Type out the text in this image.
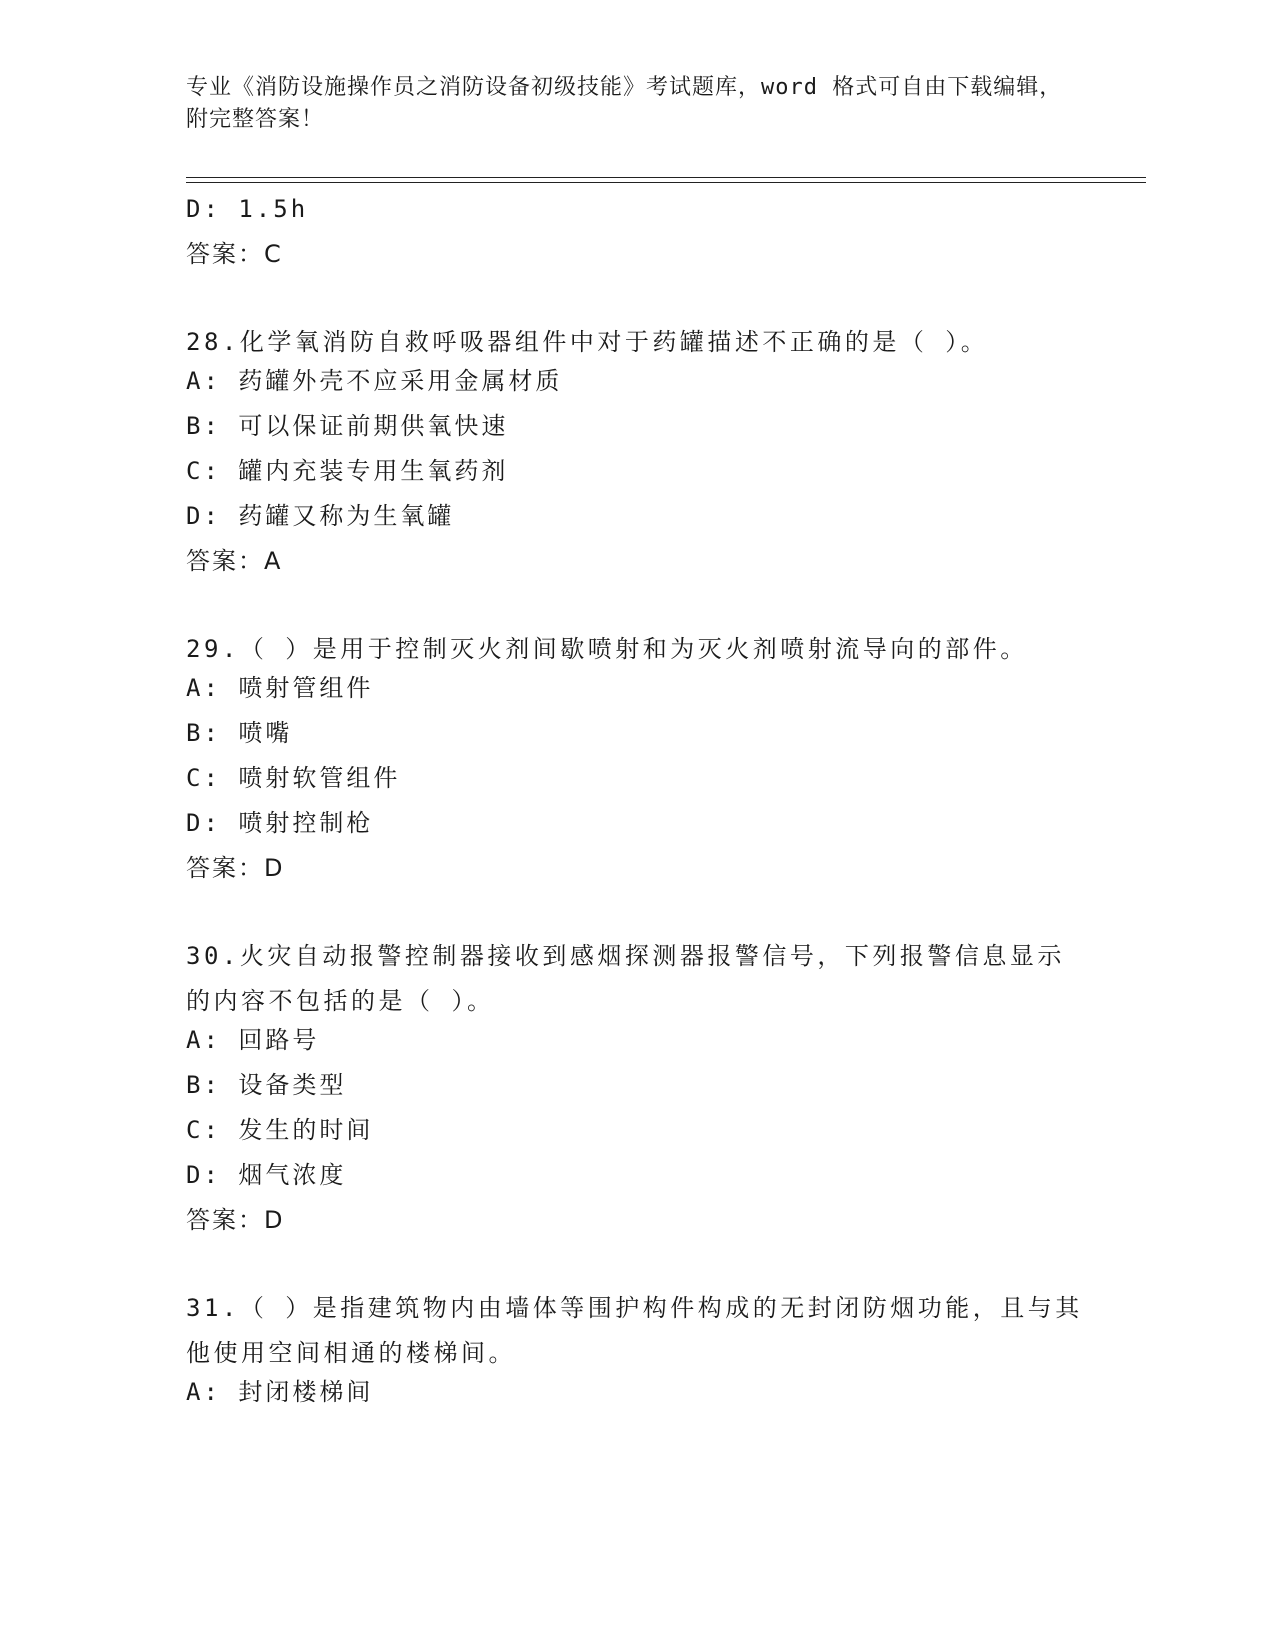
专业《消防设施操作员之消防设备初级技能》考试题库，word 格式可自由下载编辑，附完整答案！
D: 1.5h
答案：C
28.化学氧消防自救呼吸器组件中对于药罐描述不正确的是（ ）。
A: 药罐外壳不应采用金属材质
B: 可以保证前期供氧快速
C: 罐内充装专用生氧药剂
D: 药罐又称为生氧罐
答案：A
29.（ ）是用于控制灭火剂间歇喷射和为灭火剂喷射流导向的部件。
A: 喷射管组件
B: 喷嘴
C: 喷射软管组件
D: 喷射控制枪
答案：D
30.火灾自动报警控制器接收到感烟探测器报警信号，下列报警信息显示的内容不包括的是（ ）。
A: 回路号
B: 设备类型
C: 发生的时间
D: 烟气浓度
答案：D
31.（ ）是指建筑物内由墙体等围护构件构成的无封闭防烟功能，且与其他使用空间相通的楼梯间。
A: 封闭楼梯间
